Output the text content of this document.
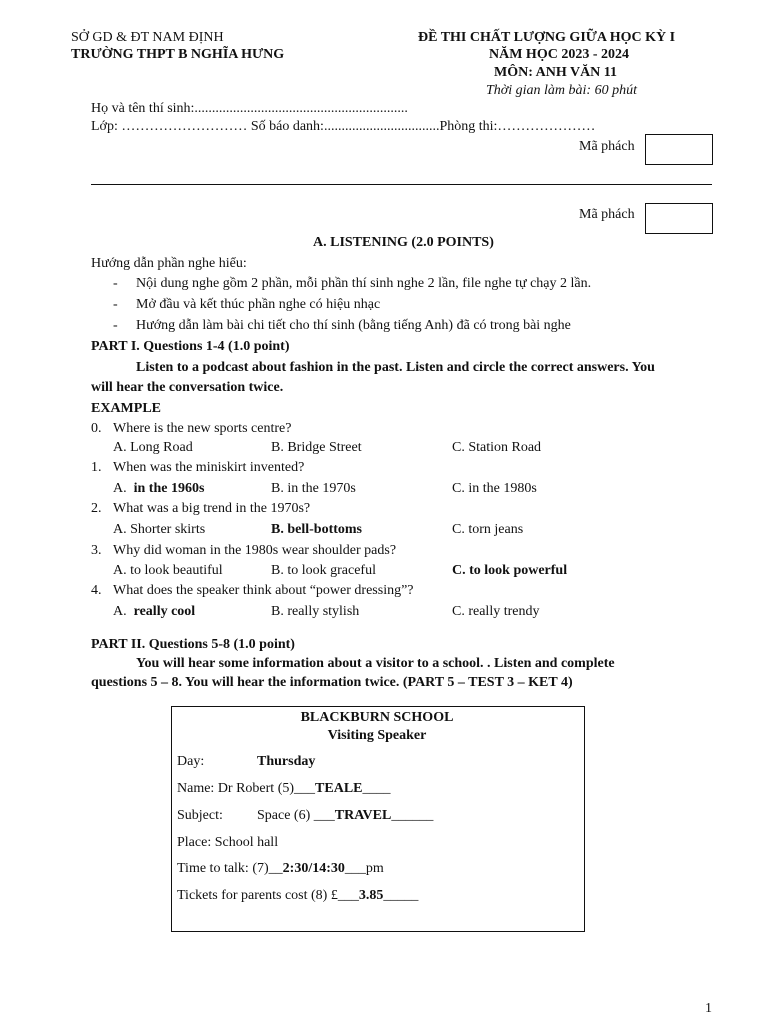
SỞ GD & ĐT NAM ĐỊNH
TRƯỜNG THPT B NGHĨA HƯNG
ĐỀ THI CHẤT LƯỢNG GIỮA HỌC KỲ I
NĂM HỌC 2023 - 2024
MÔN: ANH VĂN 11
Thời gian làm bài: 60 phút
Họ và tên thí sinh:.............................................................
Lớp: ……………………… Số báo danh:.................................Phòng thi:…………………
Mã phách
Mã phách
A. LISTENING (2.0 POINTS)
Hướng dẫn phần nghe hiểu:
- Nội dung nghe gồm 2 phần, mỗi phần thí sinh nghe 2 lần, file nghe tự chạy 2 lần.
- Mở đầu và kết thúc phần nghe có hiệu nhạc
- Hướng dẫn làm bài chi tiết cho thí sinh (bằng tiếng Anh) đã có trong bài nghe
PART I. Questions 1-4 (1.0 point)
Listen to a podcast about fashion in the past. Listen and circle the correct answers. You
will hear the conversation twice.
EXAMPLE
0. Where is the new sports centre?
A. Long Road	B. Bridge Street	C. Station Road
1. When was the miniskirt invented?
A.  in the 1960s	B. in the 1970s	C. in the 1980s
2. What was a big trend in the 1970s?
A. Shorter skirts	B. bell-bottoms	C. torn jeans
3. Why did woman in the 1980s wear shoulder pads?
A. to look beautiful	B. to look graceful	C. to look powerful
4. What does the speaker think about “power dressing”?
A.  really cool	B. really stylish	C. really trendy
PART II. Questions 5-8 (1.0 point)
You will hear some information about a visitor to a school. . Listen and complete
questions 5 – 8. You will hear the information twice. (PART 5 – TEST 3 – KET 4)
BLACKBURN SCHOOL
Visiting Speaker
Day:	Thursday
Name: Dr Robert (5)___TEALE____
Subject: Space (6) ___TRAVEL______
Place: School hall
Time to talk: (7)__2:30/14:30___pm
Tickets for parents cost (8) £___3.85_____
1
